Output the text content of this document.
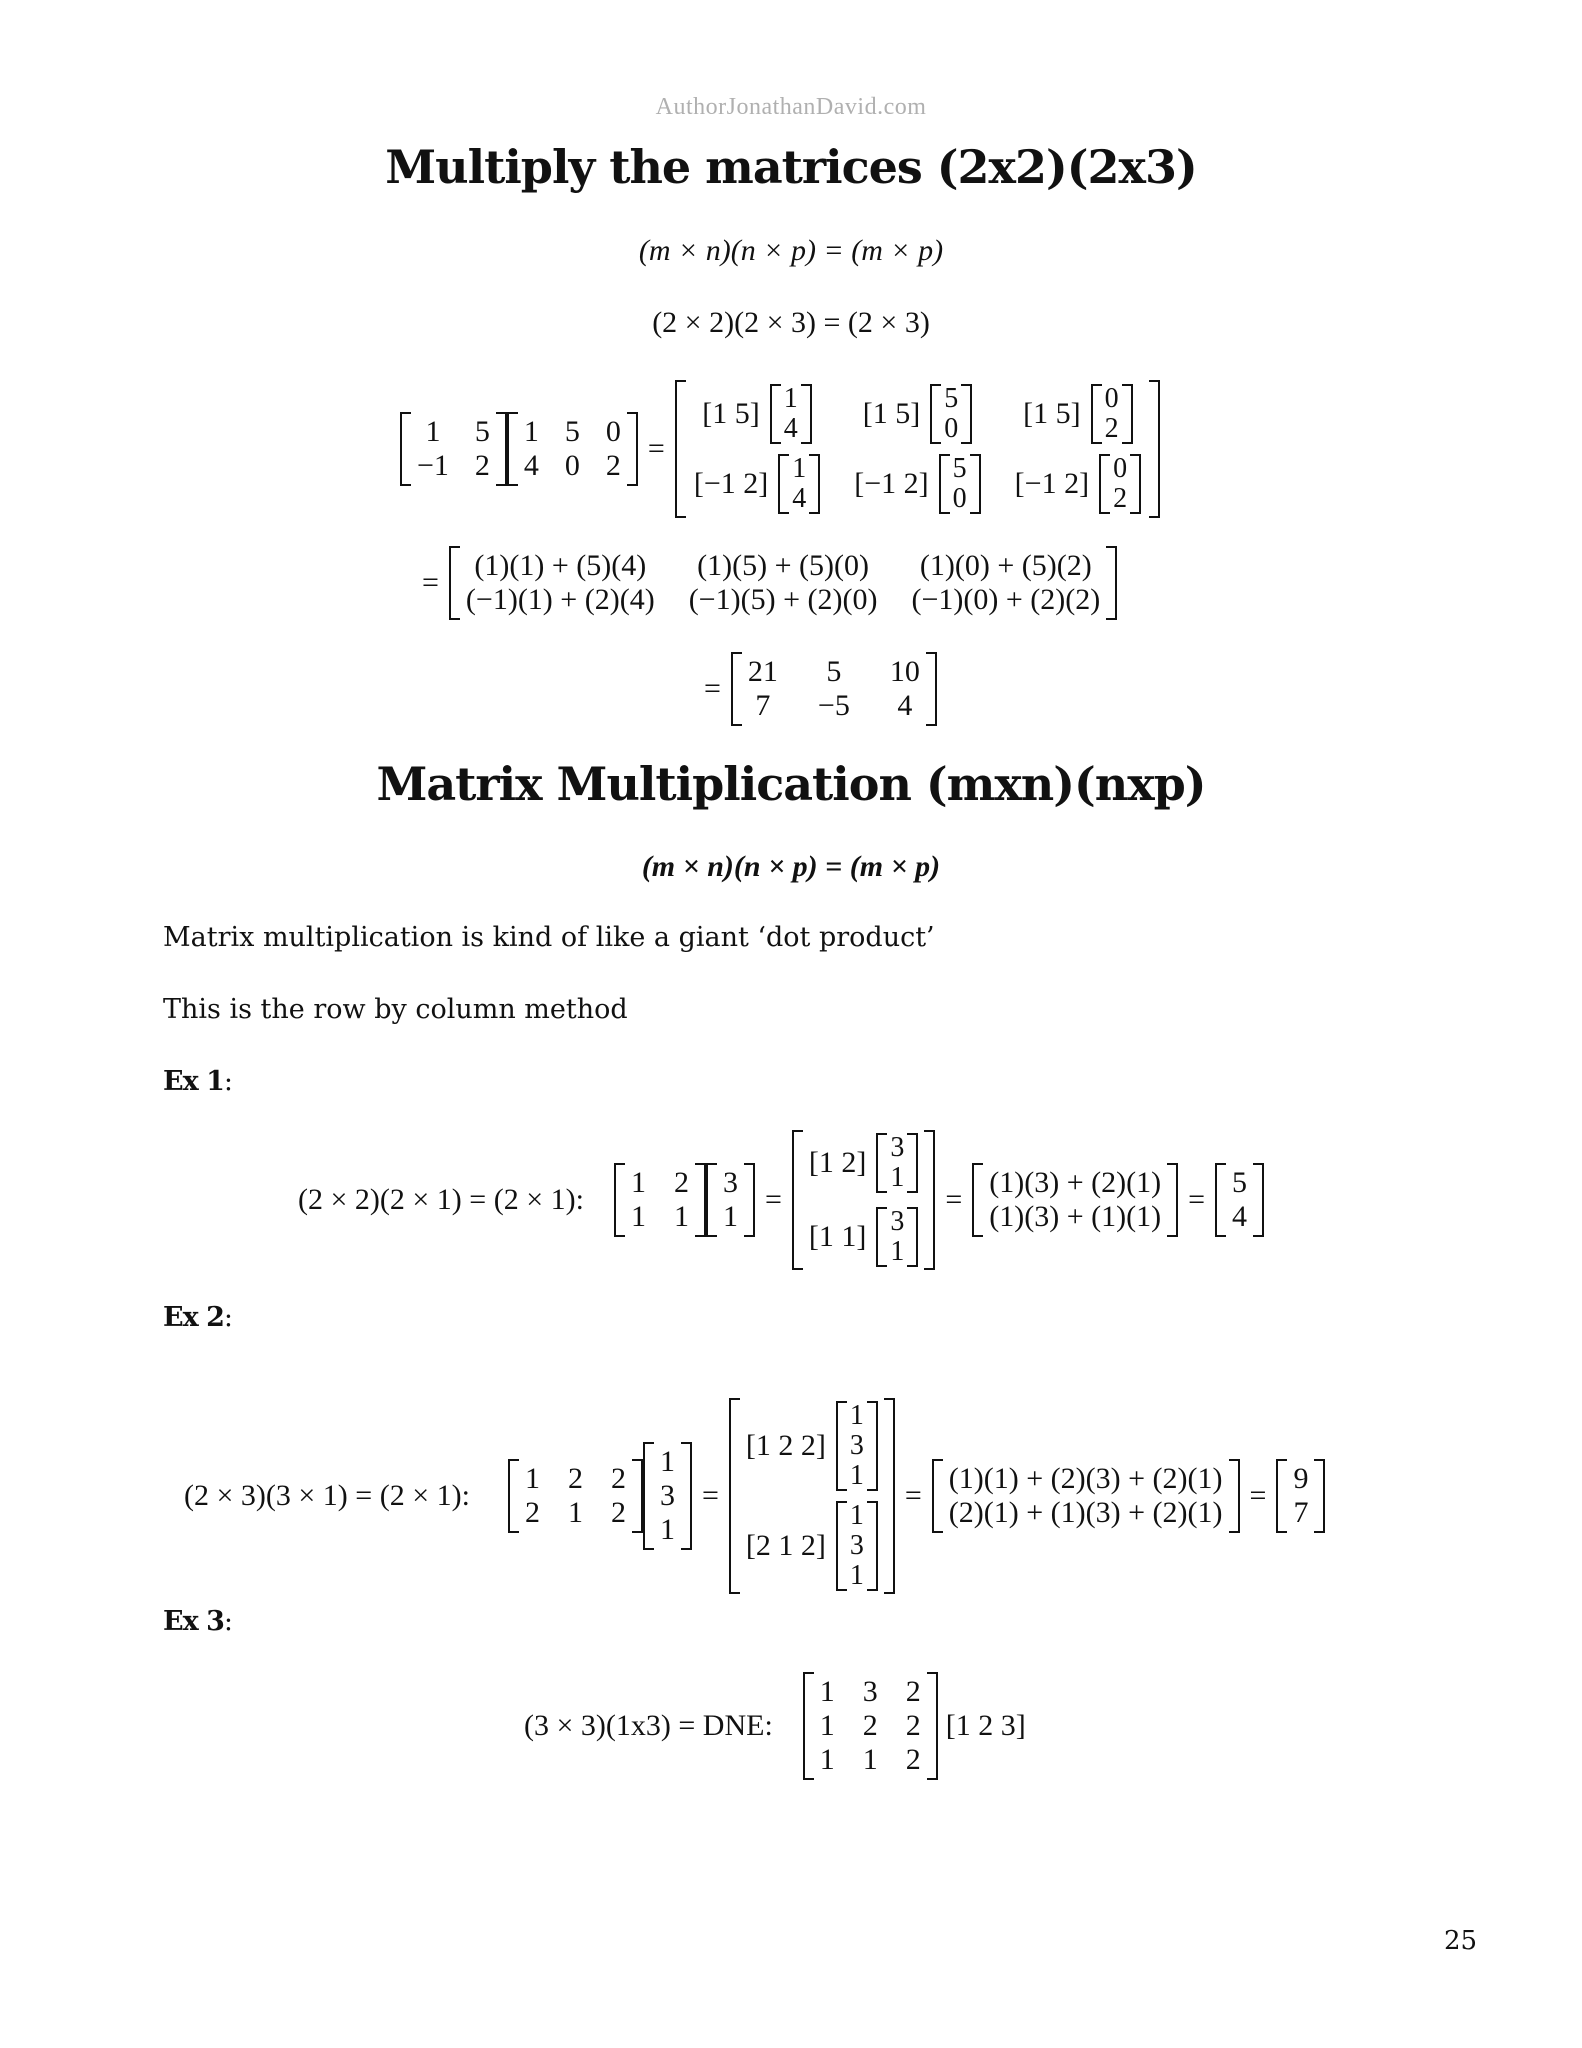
AuthorJonathanDavid.com
Multiply the matrices (2x2)(2x3)
(m × n)(n × p) = (m × p)
(2 × 2)(2 × 3) = (2 × 3)
1 5
−1 2
1 5 0
4 0 2
=
[1 5] 1
4 [1 5] 5
0 [1 5] 0
2
[−1 2] 1
4 [−1 2] 5
0 [−1 2] 0
2
=
(1)(1) + (5)(4) (1)(5) + (5)(0) (1)(0) + (5)(2)
(−1)(1) + (2)(4) (−1)(5) + (2)(0) (−1)(0) + (2)(2)
=
21 5 10
7 −5 4
Matrix Multiplication (mxn)(nxp)
(m × n)(n × p) = (m × p)
Matrix multiplication is kind of like a giant ‘dot product’
This is the row by column method
Ex 1:
(2 × 2)(2 × 1) = (2 × 1):
1 2
1 1
3
1
=
[1 2] 3
1
[1 1] 3
1
=
(1)(3) + (2)(1)
(1)(3) + (1)(1)
=
5
4
Ex 2:
(2 × 3)(3 × 1) = (2 × 1):
1 2 2
2 1 2
1
3
1
=
[1 2 2]
1
3
1
[2 1 2]
1
3
1
=
(1)(1) + (2)(3) + (2)(1)
(2)(1) + (1)(3) + (2)(1)
=
9
7
Ex 3:
(3 × 3)(1x3) = DNE:
1 3 2
1 2 2
1 1 2
[1 2 3]
25
